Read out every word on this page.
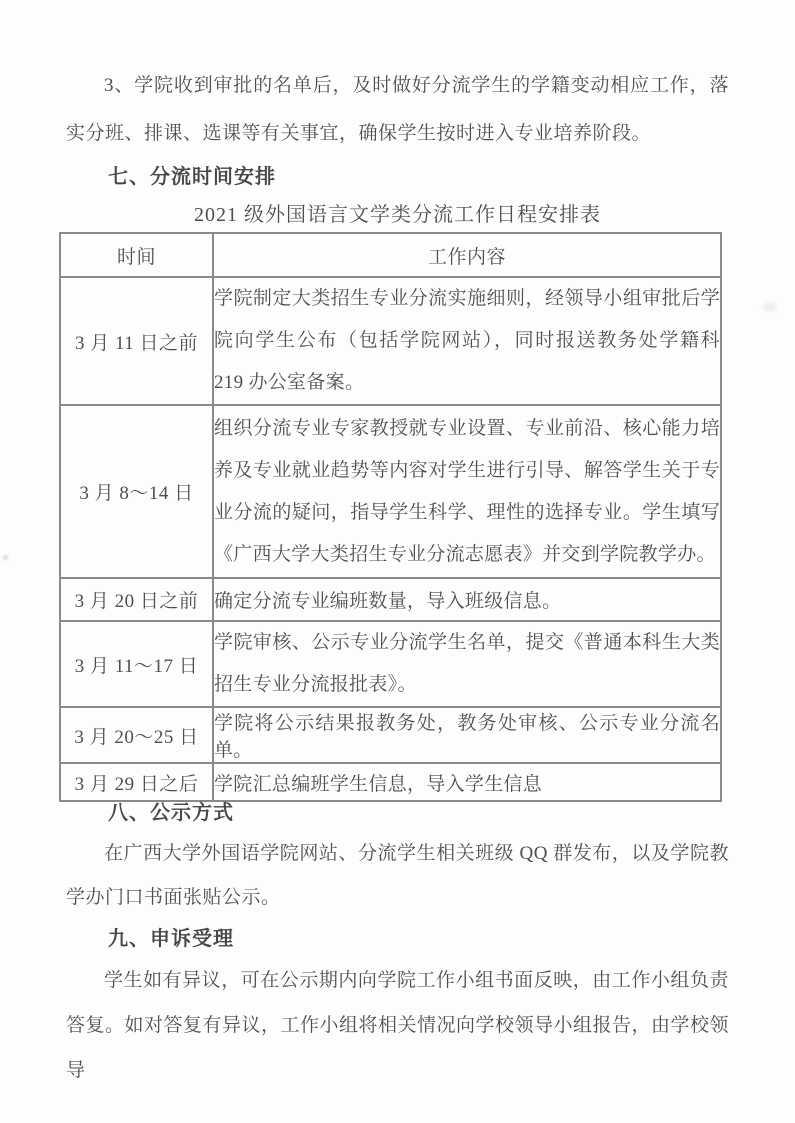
3、学院收到审批的名单后，及时做好分流学生的学籍变动相应工作，落实分班、排课、选课等有关事宜，确保学生按时进入专业培养阶段。
七、分流时间安排
2021 级外国语言文学类分流工作日程安排表
时间	工作内容
3 月 11 日之前	学院制定大类招生专业分流实施细则，经领导小组审批后学院向学生公布（包括学院网站），同时报送教务处学籍科 219 办公室备案。
3 月 8～14 日	组织分流专业专家教授就专业设置、专业前沿、核心能力培养及专业就业趋势等内容对学生进行引导、解答学生关于专业分流的疑问，指导学生科学、理性的选择专业。学生填写《广西大学大类招生专业分流志愿表》并交到学院教学办。
3 月 20 日之前	确定分流专业编班数量，导入班级信息。
3 月 11～17 日	学院审核、公示专业分流学生名单，提交《普通本科生大类招生专业分流报批表》。
3 月 20～25 日	学院将公示结果报教务处，教务处审核、公示专业分流名单。
3 月 29 日之后	学院汇总编班学生信息，导入学生信息
八、公示方式
在广西大学外国语学院网站、分流学生相关班级 QQ 群发布，以及学院教学办门口书面张贴公示。
九、申诉受理
学生如有异议，可在公示期内向学院工作小组书面反映，由工作小组负责答复。如对答复有异议，工作小组将相关情况向学校领导小组报告，由学校领导
